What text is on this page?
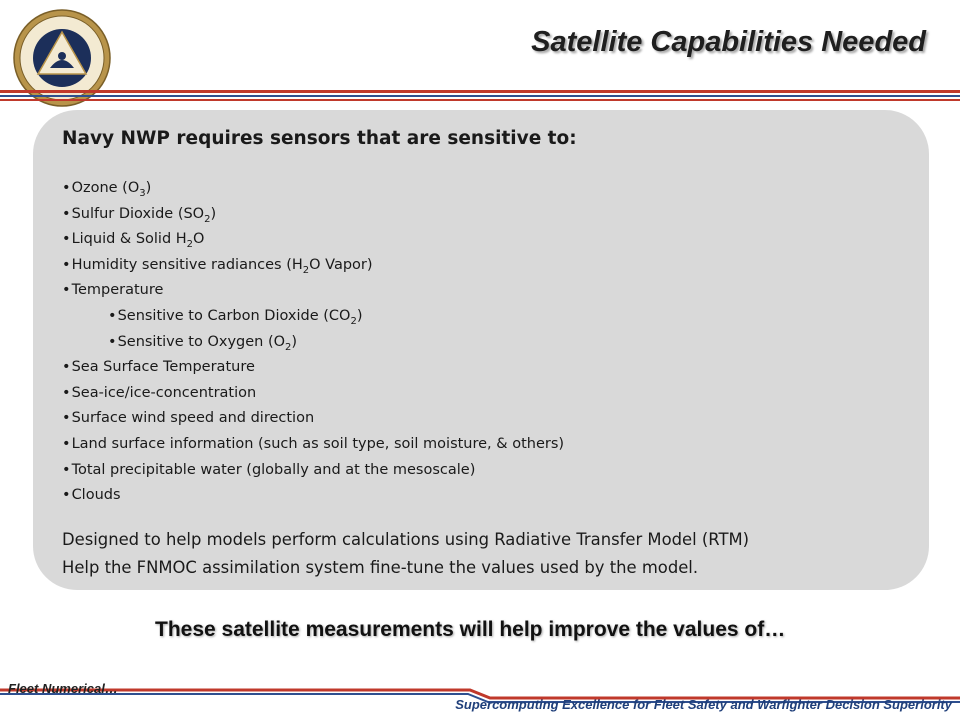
Satellite Capabilities Needed
Navy NWP requires sensors that are sensitive to:
•Ozone $(O_3)$
•Sulfur Dioxide $(SO_2)$
•Liquid & Solid $H_2O$
•Humidity sensitive radiances ($H_2O$ Vapor)
•Temperature
•Sensitive to Carbon Dioxide $(CO_2)$
•Sensitive to Oxygen $(O_2)$
•Sea Surface Temperature
•Sea-ice/ice-concentration
•Surface wind speed and direction
•Land surface information (such as soil type, soil moisture, & others)
•Total precipitable water (globally and at the mesoscale)
•Clouds
Designed to help models perform calculations using Radiative Transfer Model (RTM)
Help the FNMOC assimilation system fine-tune the values used by the model.
These satellite measurements will help improve the values of…
Fleet Numerical…
Supercomputing Excellence for Fleet Safety and Warfighter Decision Superiority
